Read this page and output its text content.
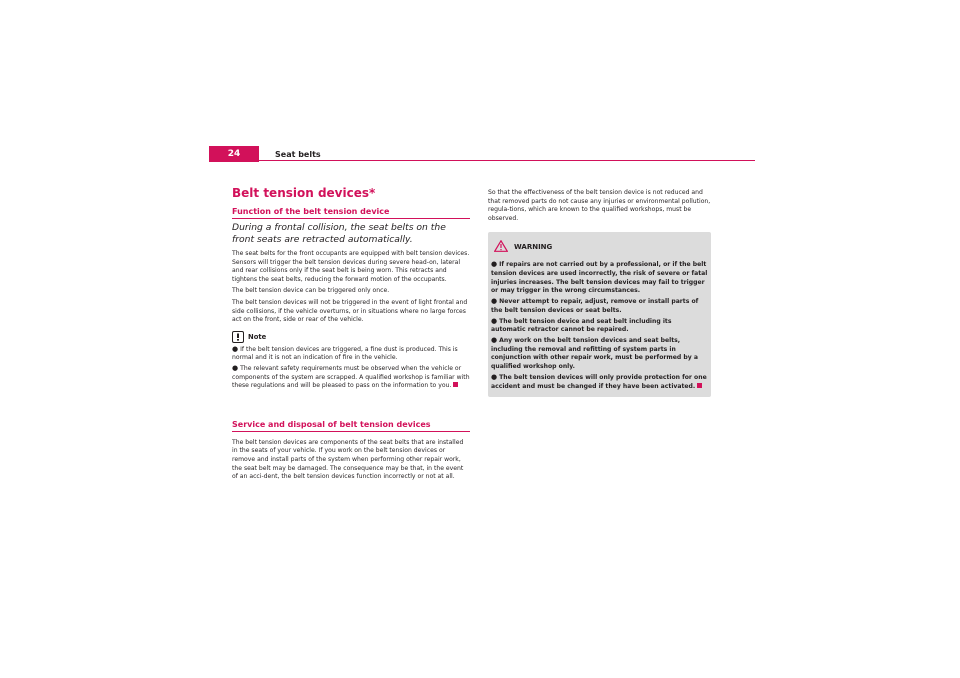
24	Seat belts
Belt tension devices*
Function of the belt tension device
During a frontal collision, the seat belts on the front seats are retracted automatically.

The seat belts for the front occupants are equipped with belt tension devices. Sensors will trigger the belt tension devices during severe head-on, lateral and rear collisions only if the seat belt is being worn. This retracts and tightens the seat belts, reducing the forward motion of the occupants.

The belt tension device can be triggered only once.

The belt tension devices will not be triggered in the event of light frontal and side collisions, if the vehicle overturns, or in situations where no large forces act on the front, side or rear of the vehicle.

Note
● If the belt tension devices are triggered, a fine dust is produced. This is normal and it is not an indication of fire in the vehicle.
● The relevant safety requirements must be observed when the vehicle or components of the system are scrapped. A qualified workshop is familiar with these regulations and will be pleased to pass on the information to you.
Service and disposal of belt tension devices

The belt tension devices are components of the seat belts that are installed in the seats of your vehicle. If you work on the belt tension devices or remove and install parts of the system when performing other repair work, the seat belt may be damaged. The consequence may be that, in the event of an acci-dent, the belt tension devices function incorrectly or not at all.

So that the effectiveness of the belt tension device is not reduced and that removed parts do not cause any injuries or environmental pollution, regula-tions, which are known to the qualified workshops, must be observed.

WARNING
● If repairs are not carried out by a professional, or if the belt tension devices are used incorrectly, the risk of severe or fatal injuries increases. The belt tension devices may fail to trigger or may trigger in the wrong circumstances.
● Never attempt to repair, adjust, remove or install parts of the belt tension devices or seat belts.
● The belt tension device and seat belt including its automatic retractor cannot be repaired.
● Any work on the belt tension devices and seat belts, including the removal and refitting of system parts in conjunction with other repair work, must be performed by a qualified workshop only.
● The belt tension devices will only provide protection for one accident and must be changed if they have been activated.
